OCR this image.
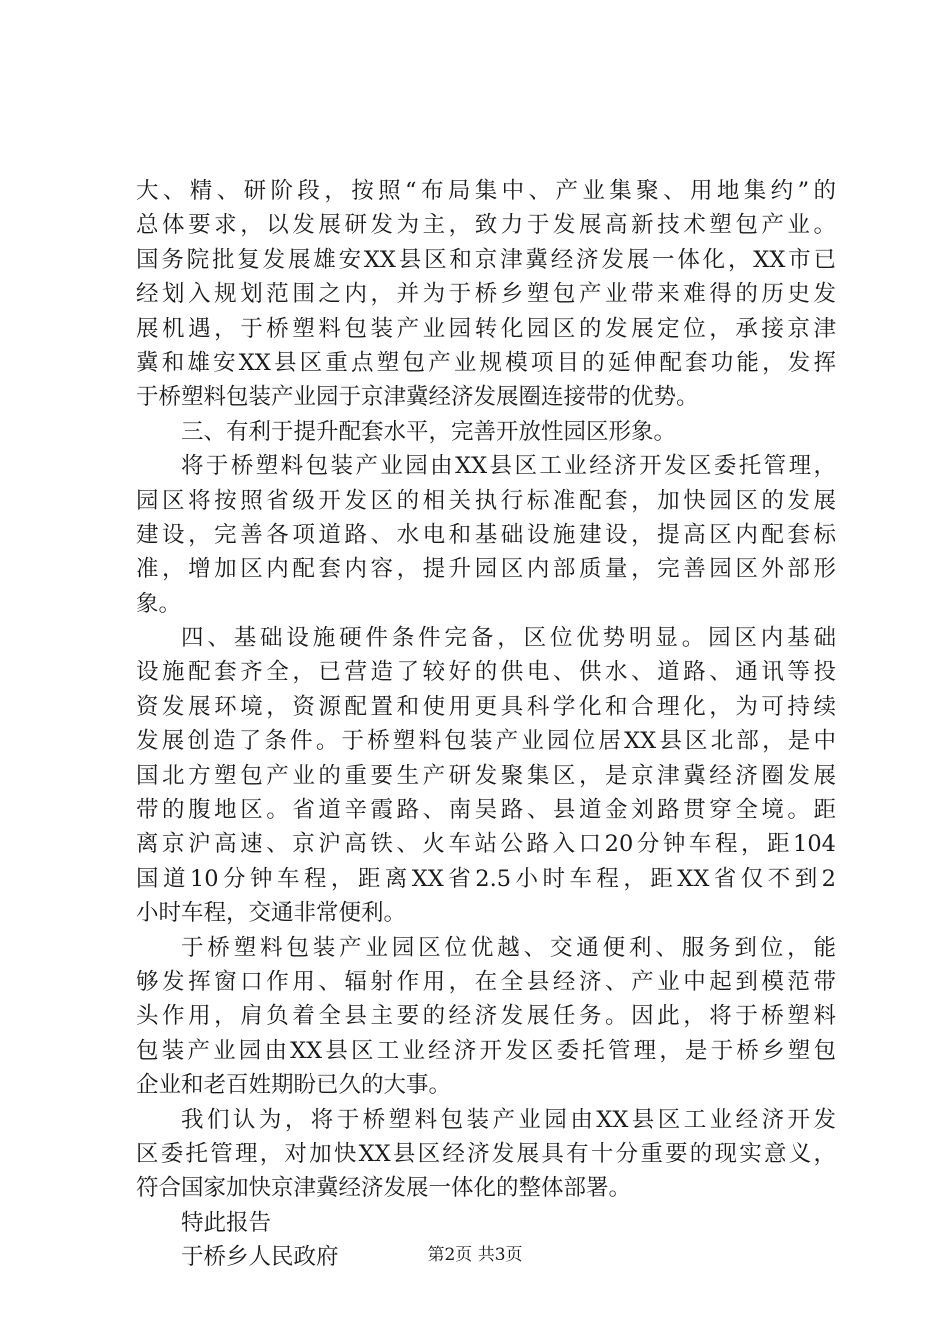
大、精、研阶段，按照“布局集中、产业集聚、用地集约”的
总体要求，以发展研发为主，致力于发展高新技术塑包产业。
国务院批复发展雄安XX县区和京津冀经济发展一体化，XX市已
经划入规划范围之内，并为于桥乡塑包产业带来难得的历史发
展机遇，于桥塑料包装产业园转化园区的发展定位，承接京津
冀和雄安XX县区重点塑包产业规模项目的延伸配套功能，发挥
于桥塑料包装产业园于京津冀经济发展圈连接带的优势。
三、有利于提升配套水平，完善开放性园区形象。
将于桥塑料包装产业园由XX县区工业经济开发区委托管理，
园区将按照省级开发区的相关执行标准配套，加快园区的发展
建设，完善各项道路、水电和基础设施建设，提高区内配套标
准，增加区内配套内容，提升园区内部质量，完善园区外部形
象。
四、基础设施硬件条件完备，区位优势明显。园区内基础
设施配套齐全，已营造了较好的供电、供水、道路、通讯等投
资发展环境，资源配置和使用更具科学化和合理化，为可持续
发展创造了条件。于桥塑料包装产业园位居XX县区北部，是中
国北方塑包产业的重要生产研发聚集区，是京津冀经济圈发展
带的腹地区。省道辛霞路、南吴路、县道金刘路贯穿全境。距
离京沪高速、京沪高铁、火车站公路入口20分钟车程，距104
国道10分钟车程，距离XX省2.5小时车程，距XX省仅不到2
小时车程，交通非常便利。
于桥塑料包装产业园区位优越、交通便利、服务到位，能
够发挥窗口作用、辐射作用，在全县经济、产业中起到模范带
头作用，肩负着全县主要的经济发展任务。因此，将于桥塑料
包装产业园由XX县区工业经济开发区委托管理，是于桥乡塑包
企业和老百姓期盼已久的大事。
我们认为，将于桥塑料包装产业园由XX县区工业经济开发
区委托管理，对加快XX县区经济发展具有十分重要的现实意义，
符合国家加快京津冀经济发展一体化的整体部署。
特此报告
于桥乡人民政府	第2页 共3页
